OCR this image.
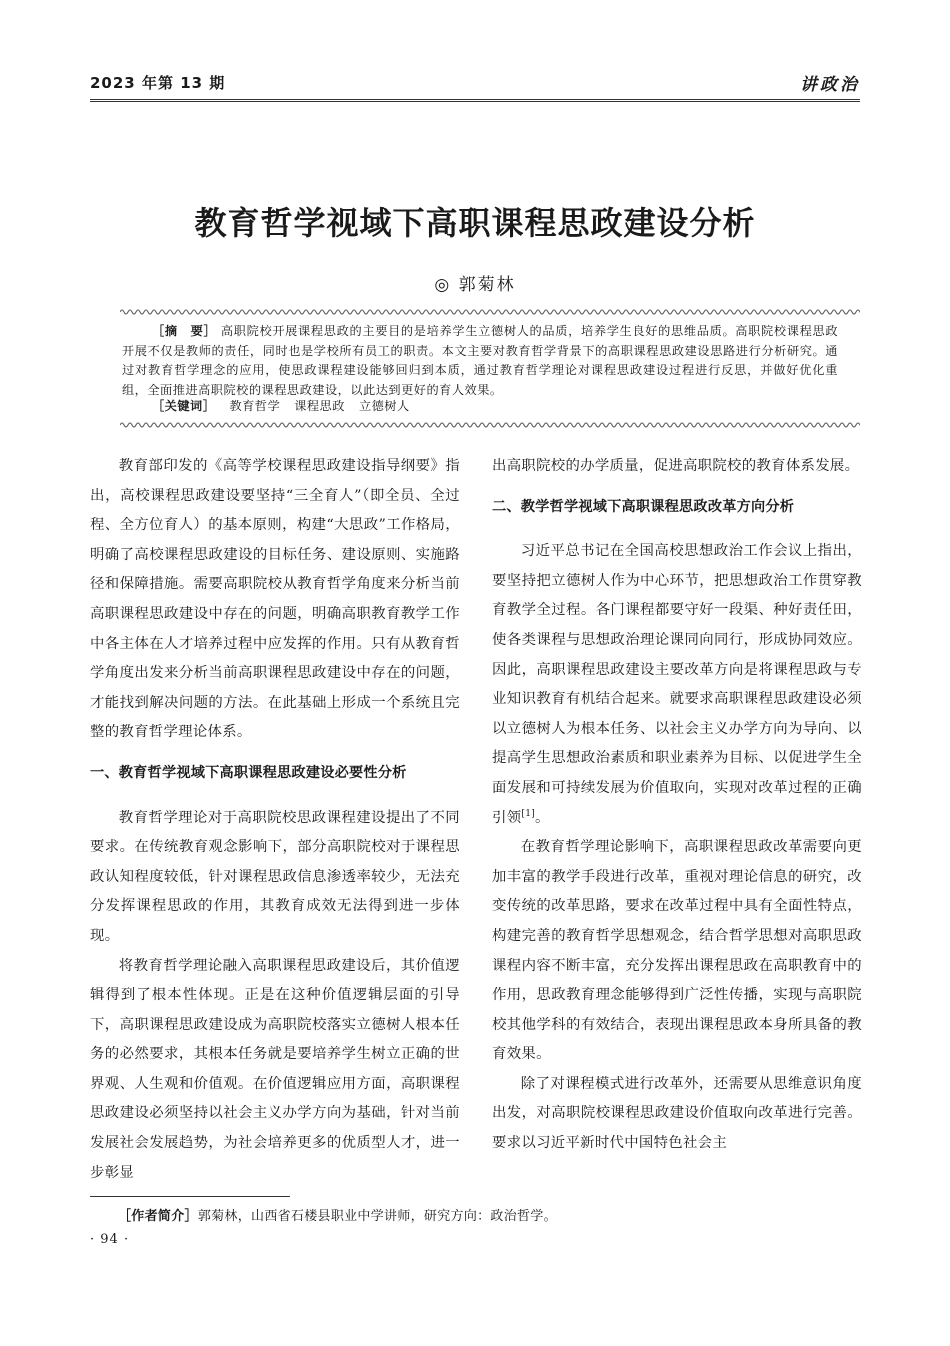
2023 年第 13 期	讲政治
教育哲学视域下高职课程思政建设分析
◎ 郭菊林
［摘　要］ 高职院校开展课程思政的主要目的是培养学生立德树人的品质，培养学生良好的思维品质。高职院校课程思政开展不仅是教师的责任，同时也是学校所有员工的职责。本文主要对教育哲学背景下的高职课程思政建设思路进行分析研究。通过对教育哲学理念的应用，使思政课程建设能够回归到本质，通过教育哲学理论对课程思政建设过程进行反思，并做好优化重组，全面推进高职院校的课程思政建设，以此达到更好的育人效果。
［关键词］ 教育哲学 课程思政 立德树人

教育部印发的《高等学校课程思政建设指导纲要》指出，高校课程思政建设要坚持“三全育人”（即全员、全过程、全方位育人）的基本原则，构建“大思政”工作格局，明确了高校课程思政建设的目标任务、建设原则、实施路径和保障措施。需要高职院校从教育哲学角度来分析当前高职课程思政建设中存在的问题，明确高职教育教学工作中各主体在人才培养过程中应发挥的作用。只有从教育哲学角度出发来分析当前高职课程思政建设中存在的问题，才能找到解决问题的方法。在此基础上形成一个系统且完整的教育哲学理论体系。

一、教育哲学视域下高职课程思政建设必要性分析

教育哲学理论对于高职院校思政课程建设提出了不同要求。在传统教育观念影响下，部分高职院校对于课程思政认知程度较低，针对课程思政信息渗透率较少，无法充分发挥课程思政的作用，其教育成效无法得到进一步体现。

将教育哲学理论融入高职课程思政建设后，其价值逻辑得到了根本性体现。正是在这种价值逻辑层面的引导下，高职课程思政建设成为高职院校落实立德树人根本任务的必然要求，其根本任务就是要培养学生树立正确的世界观、人生观和价值观。在价值逻辑应用方面，高职课程思政建设必须坚持以社会主义办学方向为基础，针对当前发展社会发展趋势，为社会培养更多的优质型人才，进一步彰显

出高职院校的办学质量，促进高职院校的教育体系发展。

二、教学哲学视域下高职课程思政改革方向分析

习近平总书记在全国高校思想政治工作会议上指出，要坚持把立德树人作为中心环节，把思想政治工作贯穿教育教学全过程。各门课程都要守好一段渠、种好责任田，使各类课程与思想政治理论课同向同行，形成协同效应。因此，高职课程思政建设主要改革方向是将课程思政与专业知识教育有机结合起来。就要求高职课程思政建设必须以立德树人为根本任务、以社会主义办学方向为导向、以提高学生思想政治素质和职业素养为目标、以促进学生全面发展和可持续发展为价值取向，实现对改革过程的正确引领[1]。

在教育哲学理论影响下，高职课程思政改革需要向更加丰富的教学手段进行改革，重视对理论信息的研究，改变传统的改革思路，要求在改革过程中具有全面性特点，构建完善的教育哲学思想观念，结合哲学思想对高职思政课程内容不断丰富，充分发挥出课程思政在高职教育中的作用，思政教育理念能够得到广泛性传播，实现与高职院校其他学科的有效结合，表现出课程思政本身所具备的教育效果。

除了对课程模式进行改革外，还需要从思维意识角度出发，对高职院校课程思政建设价值取向改革进行完善。要求以习近平新时代中国特色社会主

［作者简介］郭菊林，山西省石楼县职业中学讲师，研究方向：政治哲学。
· 94 ·
